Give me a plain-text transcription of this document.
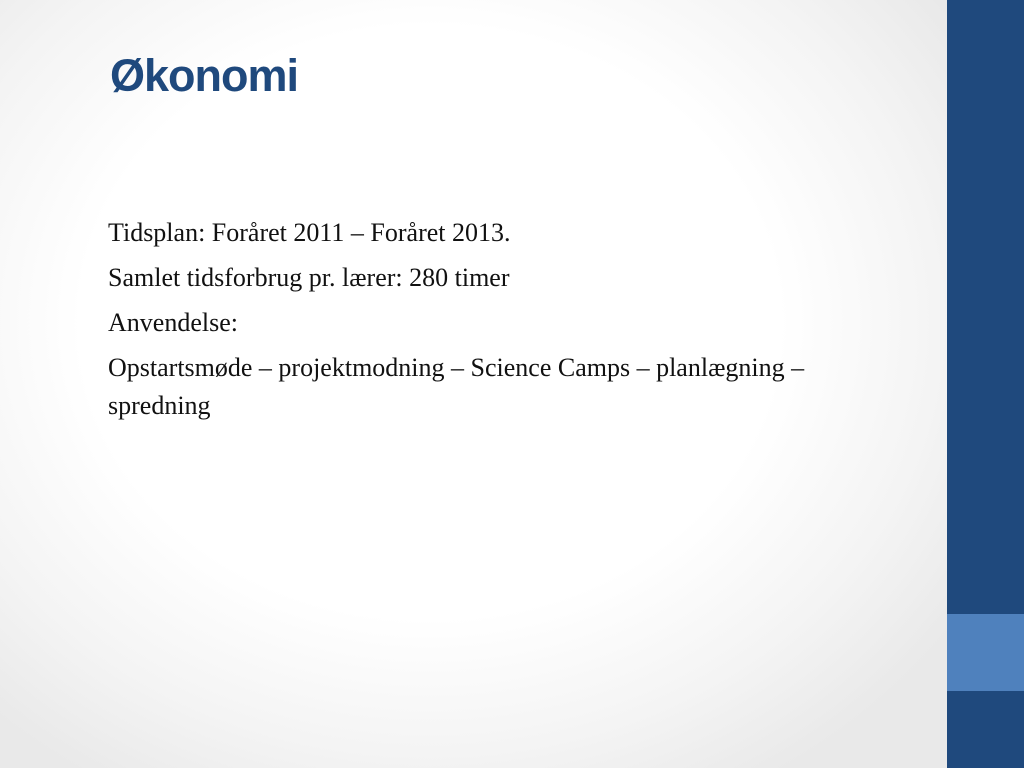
Økonomi
Tidsplan: Foråret 2011 – Foråret 2013.
Samlet tidsforbrug pr. lærer: 280 timer
Anvendelse:
Opstartsmøde – projektmodning – Science Camps – planlægning – spredning
